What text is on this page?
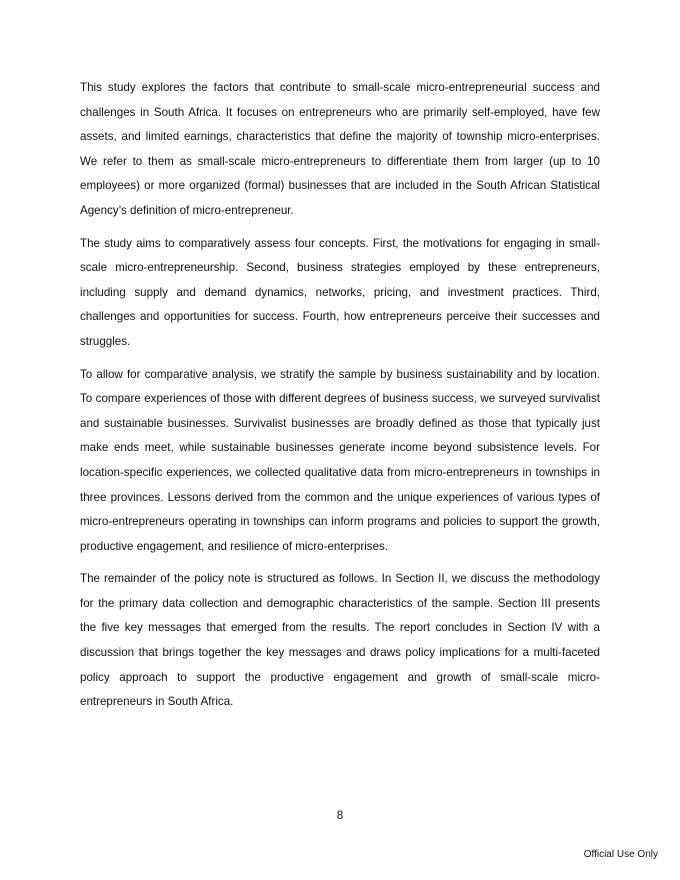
This study explores the factors that contribute to small-scale micro-entrepreneurial success and challenges in South Africa. It focuses on entrepreneurs who are primarily self-employed, have few assets, and limited earnings, characteristics that define the majority of township micro-enterprises. We refer to them as small-scale micro-entrepreneurs to differentiate them from larger (up to 10 employees) or more organized (formal) businesses that are included in the South African Statistical Agency’s definition of micro-entrepreneur.

The study aims to comparatively assess four concepts. First, the motivations for engaging in small-scale micro-entrepreneurship. Second, business strategies employed by these entrepreneurs, including supply and demand dynamics, networks, pricing, and investment practices. Third, challenges and opportunities for success. Fourth, how entrepreneurs perceive their successes and struggles.

To allow for comparative analysis, we stratify the sample by business sustainability and by location. To compare experiences of those with different degrees of business success, we surveyed survivalist and sustainable businesses. Survivalist businesses are broadly defined as those that typically just make ends meet, while sustainable businesses generate income beyond subsistence levels. For location-specific experiences, we collected qualitative data from micro-entrepreneurs in townships in three provinces. Lessons derived from the common and the unique experiences of various types of micro-entrepreneurs operating in townships can inform programs and policies to support the growth, productive engagement, and resilience of micro-enterprises.

The remainder of the policy note is structured as follows. In Section II, we discuss the methodology for the primary data collection and demographic characteristics of the sample. Section III presents the five key messages that emerged from the results. The report concludes in Section IV with a discussion that brings together the key messages and draws policy implications for a multi-faceted policy approach to support the productive engagement and growth of small-scale micro-entrepreneurs in South Africa.

8
Official Use Only
